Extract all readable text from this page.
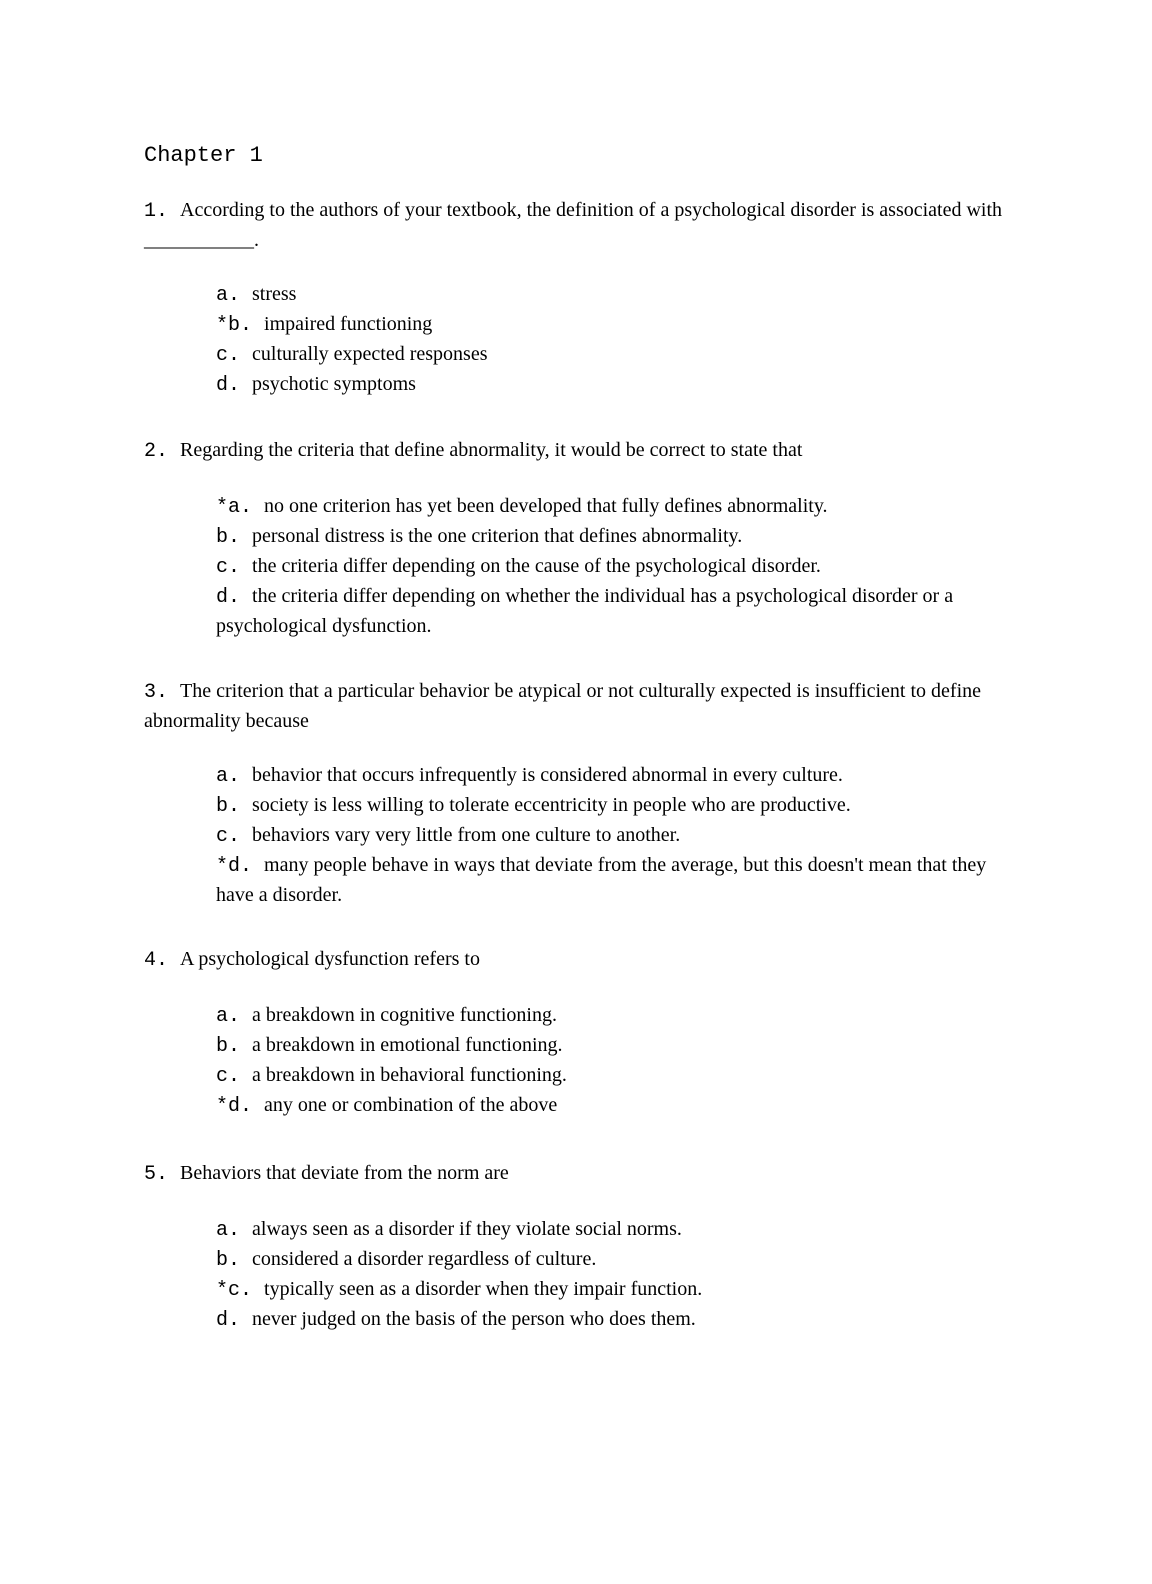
Chapter 1

1. According to the authors of your textbook, the definition of a psychological disorder is associated with ___________.

a. stress
*b. impaired functioning
c. culturally expected responses
d. psychotic symptoms

2. Regarding the criteria that define abnormality, it would be correct to state that

*a. no one criterion has yet been developed that fully defines abnormality.
b. personal distress is the one criterion that defines abnormality.
c. the criteria differ depending on the cause of the psychological disorder.
d. the criteria differ depending on whether the individual has a psychological disorder or a psychological dysfunction.

3. The criterion that a particular behavior be atypical or not culturally expected is insufficient to define abnormality because

a. behavior that occurs infrequently is considered abnormal in every culture.
b. society is less willing to tolerate eccentricity in people who are productive.
c. behaviors vary very little from one culture to another.
*d. many people behave in ways that deviate from the average, but this doesn't mean that they have a disorder.

4. A psychological dysfunction refers to

a. a breakdown in cognitive functioning.
b. a breakdown in emotional functioning.
c. a breakdown in behavioral functioning.
*d. any one or combination of the above

5. Behaviors that deviate from the norm are

a. always seen as a disorder if they violate social norms.
b. considered a disorder regardless of culture.
*c. typically seen as a disorder when they impair function.
d. never judged on the basis of the person who does them.
